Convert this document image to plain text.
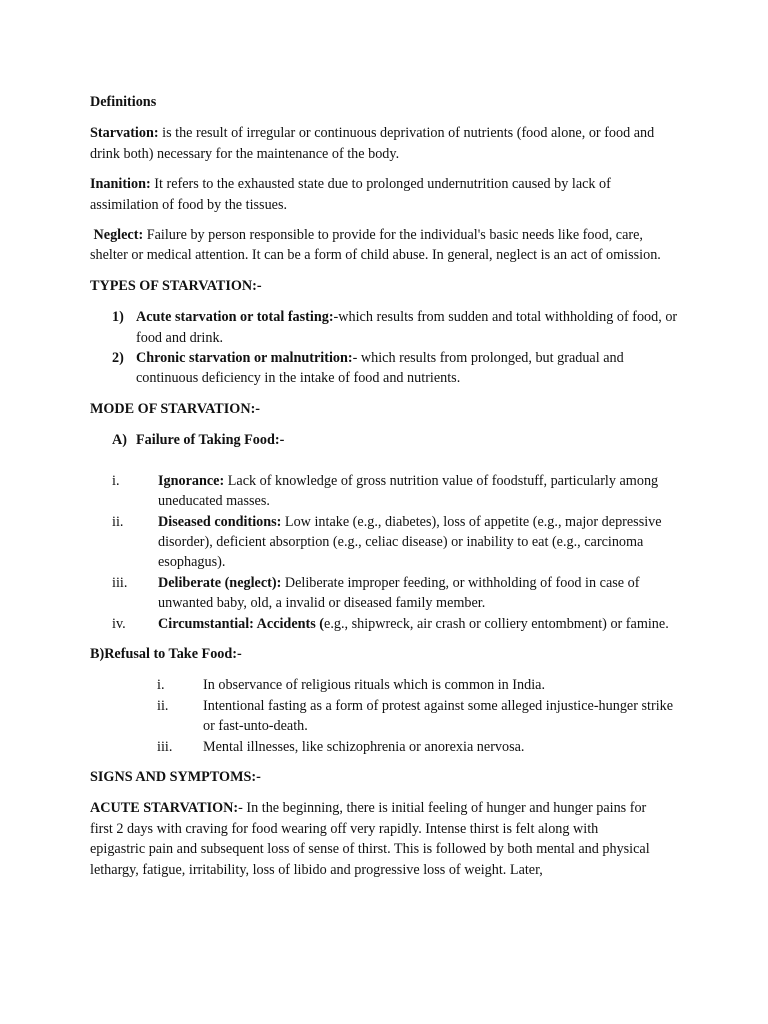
Definitions

Starvation: is the result of irregular or continuous deprivation of nutrients (food alone, or food and drink both) necessary for the maintenance of the body.

Inanition: It refers to the exhausted state due to prolonged undernutrition caused by lack of assimilation of food by the tissues.

Neglect: Failure by person responsible to provide for the individual's basic needs like food, care, shelter or medical attention. It can be a form of child abuse. In general, neglect is an act of omission.

TYPES OF STARVATION:-

1) Acute starvation or total fasting:-which results from sudden and total withholding of food, or food and drink.
2) Chronic starvation or malnutrition:- which results from prolonged, but gradual and continuous deficiency in the intake of food and nutrients.

MODE OF STARVATION:-

A) Failure of Taking Food:-
i.	Ignorance: Lack of knowledge of gross nutrition value of foodstuff, particularly among uneducated masses.
ii.	Diseased conditions: Low intake (e.g., diabetes), loss of appetite (e.g., major depressive disorder), deficient absorption (e.g., celiac disease) or inability to eat (e.g., carcinoma esophagus).
iii.	Deliberate (neglect): Deliberate improper feeding, or withholding of food in case of unwanted baby, old, a invalid or diseased family member.
iv.	Circumstantial: Accidents (e.g., shipwreck, air crash or colliery entombment) or famine.

B)Refusal to Take Food:-

i.	In observance of religious rituals which is common in India.
ii.	Intentional fasting as a form of protest against some alleged injustice-hunger strike or fast-unto-death.
iii.	Mental illnesses, like schizophrenia or anorexia nervosa.

SIGNS AND SYMPTOMS:-

ACUTE STARVATION:- In the beginning, there is initial feeling of hunger and hunger pains for first 2 days with craving for food wearing off very rapidly. Intense thirst is felt along with epigastric pain and subsequent loss of sense of thirst. This is followed by both mental and physical lethargy, fatigue, irritability, loss of libido and progressive loss of weight. Later,
